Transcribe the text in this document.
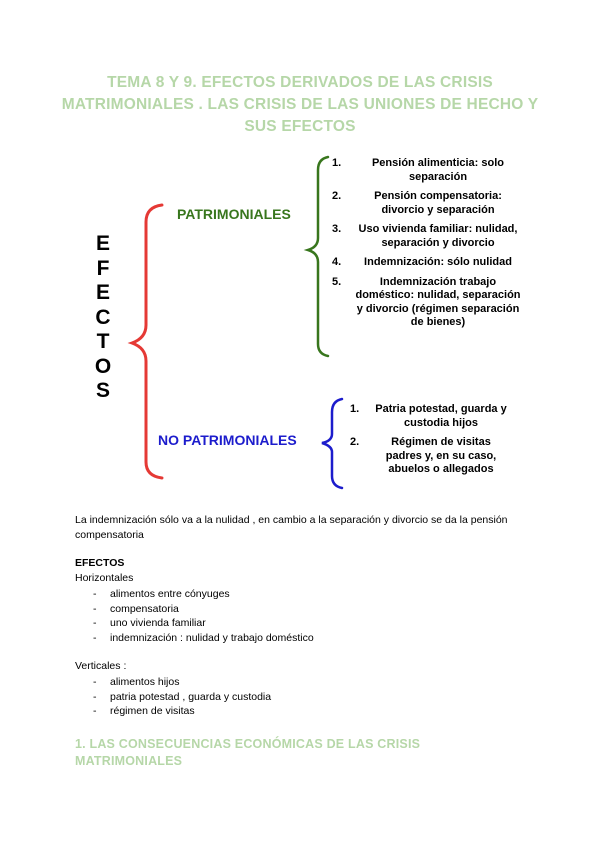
TEMA 8 Y 9. EFECTOS DERIVADOS DE LAS CRISIS MATRIMONIALES . LAS CRISIS DE LAS UNIONES DE HECHO Y SUS EFECTOS
E
F
E
C
T
O
S
PATRIMONIALES
NO PATRIMONIALES
1.	Pensión alimenticia: solo separación
2.	Pensión compensatoria: divorcio y separación
3.	Uso vivienda familiar: nulidad, separación y divorcio
4.	Indemnización: sólo nulidad
5.	Indemnización trabajo doméstico: nulidad, separación y divorcio (régimen separación de bienes)
1.	Patria potestad, guarda y custodia hijos
2.	Régimen de visitas padres y, en su caso, abuelos o allegados
La indemnización sólo va a la nulidad , en cambio a la separación y divorcio se da la pensión compensatoria
EFECTOS
Horizontales
-	alimentos entre cónyuges
-	compensatoria
-	uno vivienda familiar
-	indemnización : nulidad y trabajo doméstico
Verticales :
-	alimentos hijos
-	patria potestad , guarda y custodia
-	régimen de visitas
1. LAS CONSECUENCIAS ECONÓMICAS DE LAS CRISIS MATRIMONIALES
